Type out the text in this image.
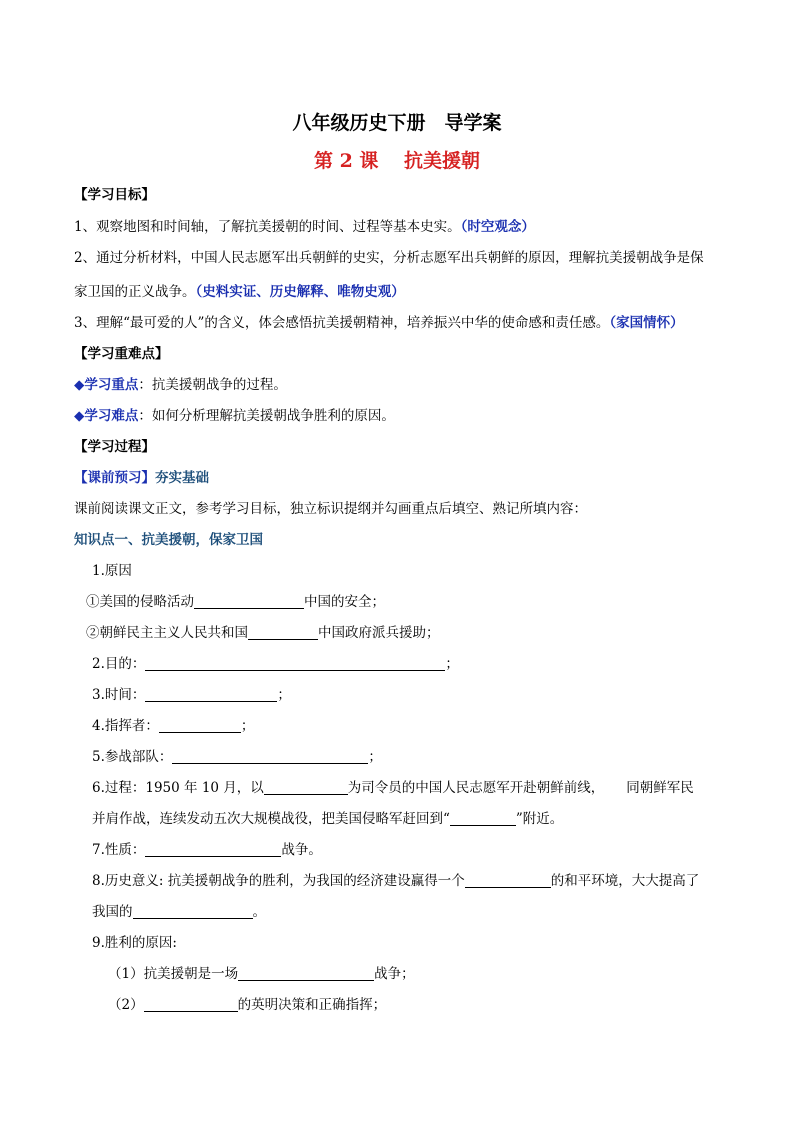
八年级历史下册　导学案
第 2 课　 抗美援朝
【学习目标】
1、观察地图和时间轴，了解抗美援朝的时间、过程等基本史实。（时空观念）
2、通过分析材料，中国人民志愿军出兵朝鲜的史实，分析志愿军出兵朝鲜的原因，理解抗美援朝战争是保
家卫国的正义战争。（史料实证、历史解释、唯物史观）
3、理解“最可爱的人”的含义，体会感悟抗美援朝精神，培养振兴中华的使命感和责任感。（家国情怀）
【学习重难点】
◆学习重点：抗美援朝战争的过程。
◆学习难点：如何分析理解抗美援朝战争胜利的原因。
【学习过程】
【课前预习】夯实基础
课前阅读课文正文，参考学习目标，独立标识提纲并勾画重点后填空、熟记所填内容：
知识点一、抗美援朝，保家卫国
1.原因
①美国的侵略活动	中国的安全；
②朝鲜民主主义人民共和国	中国政府派兵援助；
2.目的：	；
3.时间：	；
4.指挥者：	；
5.参战部队：	；
6.过程：1950 年 10 月，以	为司令员的中国人民志愿军开赴朝鲜前线， 同朝鲜军民
并肩作战，连续发动五次大规模战役，把美国侵略军赶回到“	”附近。
7.性质：	战争。
8.历史意义: 抗美援朝战争的胜利，为我国的经济建设赢得一个	的和平环境，大大提高了
我国的	。
9.胜利的原因:
（1）抗美援朝是一场	战争；
（2）	的英明决策和正确指挥；
